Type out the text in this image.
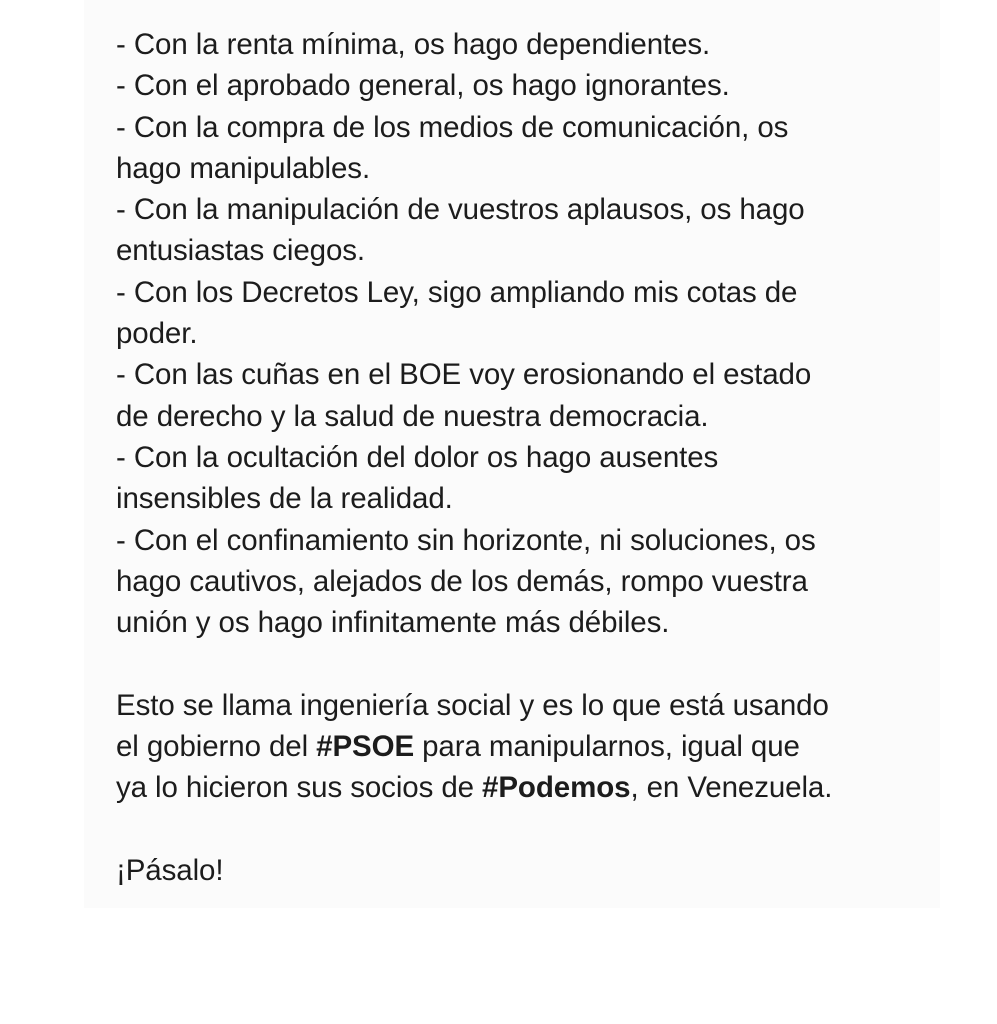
- Con la renta mínima, os hago dependientes.
- Con el aprobado general, os hago ignorantes.
- Con la compra de los medios de comunicación, os
hago manipulables.
- Con la manipulación de vuestros aplausos, os hago
entusiastas ciegos.
- Con los Decretos Ley, sigo ampliando mis cotas de
poder.
- Con las cuñas en el BOE voy erosionando el estado
de derecho y la salud de nuestra democracia.
- Con la ocultación del dolor os hago ausentes
insensibles de la realidad.
- Con el confinamiento sin horizonte, ni soluciones, os
hago cautivos, alejados de los demás, rompo vuestra
unión y os hago infinitamente más débiles.
Esto se llama ingeniería social y es lo que está usando
el gobierno del #PSOE para manipularnos, igual que
ya lo hicieron sus socios de #Podemos, en Venezuela.
¡Pásalo!
